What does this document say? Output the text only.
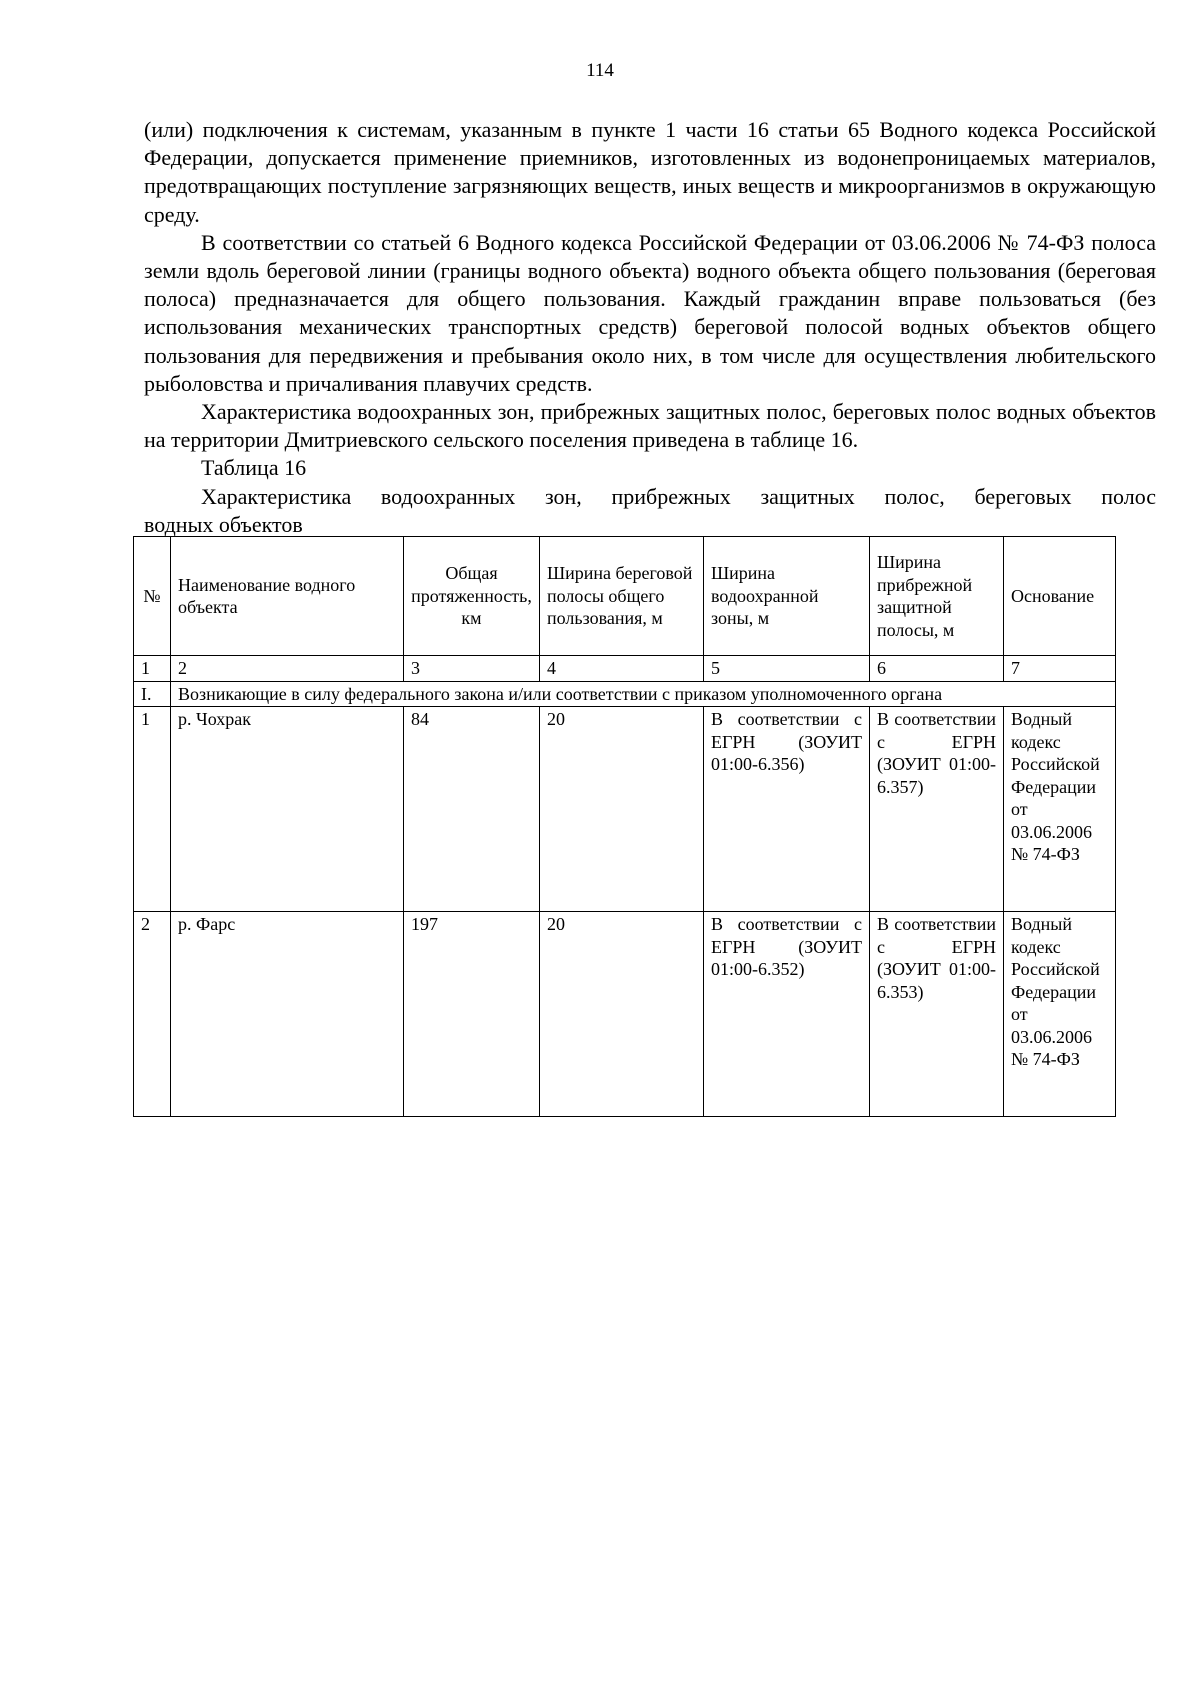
114

(или) подключения к системам, указанным в пункте 1 части 16 статьи 65 Водного кодекса Российской Федерации, допускается применение приемников, изготовленных из водонепроницаемых материалов, предотвращающих поступление загрязняющих веществ, иных веществ и микроорганизмов в окружающую среду.

В соответствии со статьей 6 Водного кодекса Российской Федерации от 03.06.2006 № 74-ФЗ полоса земли вдоль береговой линии (границы водного объекта) водного объекта общего пользования (береговая полоса) предназначается для общего пользования. Каждый гражданин вправе пользоваться (без использования механических транспортных средств) береговой полосой водных объектов общего пользования для передвижения и пребывания около них, в том числе для осуществления любительского рыболовства и причаливания плавучих средств.

Характеристика водоохранных зон, прибрежных защитных полос, береговых полос водных объектов на территории Дмитриевского сельского поселения приведена в таблице 16.

Таблица 16

Характеристика водоохранных зон, прибрежных защитных полос, береговых полос

водных объектов

№	Наименование водного объекта	Общая протяженность, км	Ширина береговой полосы общего пользования, м	Ширина водоохранной зоны, м	Ширина прибрежной защитной полосы, м	Основание
1	2	3	4	5	6	7
I.	Возникающие в силу федерального закона и/или соответствии с приказом уполномоченного органа					
1	р. Чохрак	84	20	В соответствии с ЕГРН (ЗОУИТ 01:00-6.356)	В соответствии с ЕГРН (ЗОУИТ 01:00-6.357)	Водный кодекс Российской Федерации от 03.06.2006 № 74-ФЗ
2	р. Фарс	197	20	В соответствии с ЕГРН (ЗОУИТ 01:00-6.352)	В соответствии с ЕГРН (ЗОУИТ 01:00-6.353)	Водный кодекс Российской Федерации от 03.06.2006 № 74-ФЗ
